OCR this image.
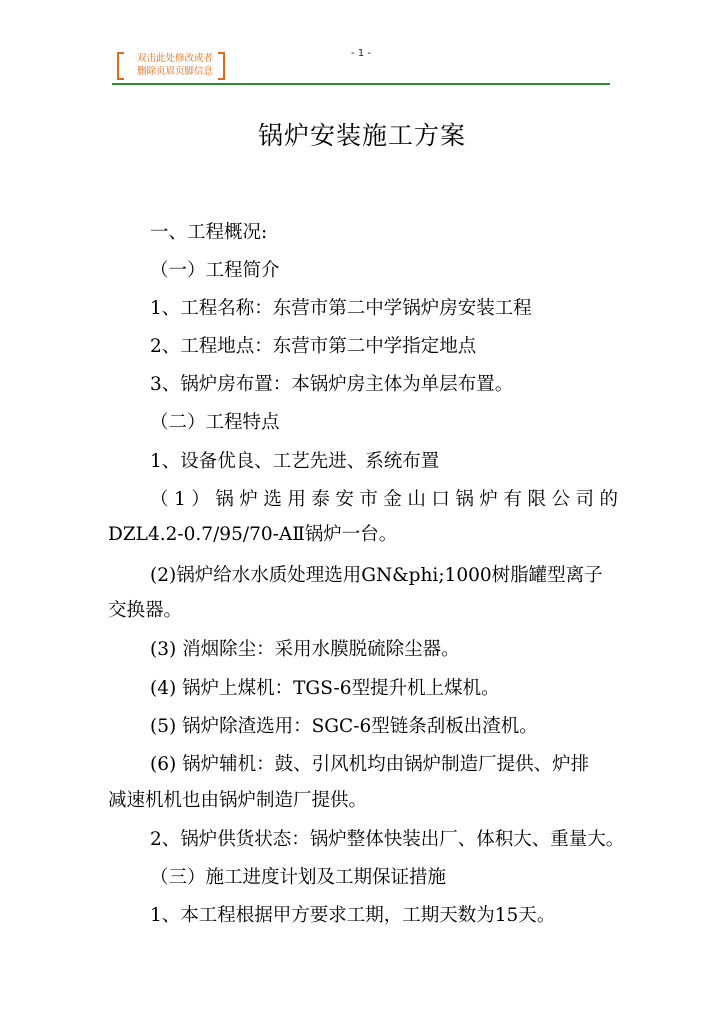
双击此处修改或者
删除页眉页脚信息
- 1 -
锅炉安装施工方案
一、工程概况:
（一）工程简介
1、工程名称：东营市第二中学锅炉房安装工程
2、工程地点：东营市第二中学指定地点
3、锅炉房布置：本锅炉房主体为单层布置。
（二）工程特点
1、设备优良、工艺先进、系统布置
（1）锅炉选用泰安市金山口锅炉有限公司的
DZL4.2-0.7/95/70-AⅡ锅炉一台。
(2)锅炉给水水质处理选用GN&phi;1000树脂罐型离子
交换器。
(3) 消烟除尘：采用水膜脱硫除尘器。
(4) 锅炉上煤机：TGS-6型提升机上煤机。
(5) 锅炉除渣选用：SGC-6型链条刮板出渣机。
(6) 锅炉辅机：鼓、引风机均由锅炉制造厂提供、炉排
减速机机也由锅炉制造厂提供。
2、锅炉供货状态：锅炉整体快装出厂、体积大、重量大。
（三）施工进度计划及工期保证措施
1、本工程根据甲方要求工期，工期天数为15天。
